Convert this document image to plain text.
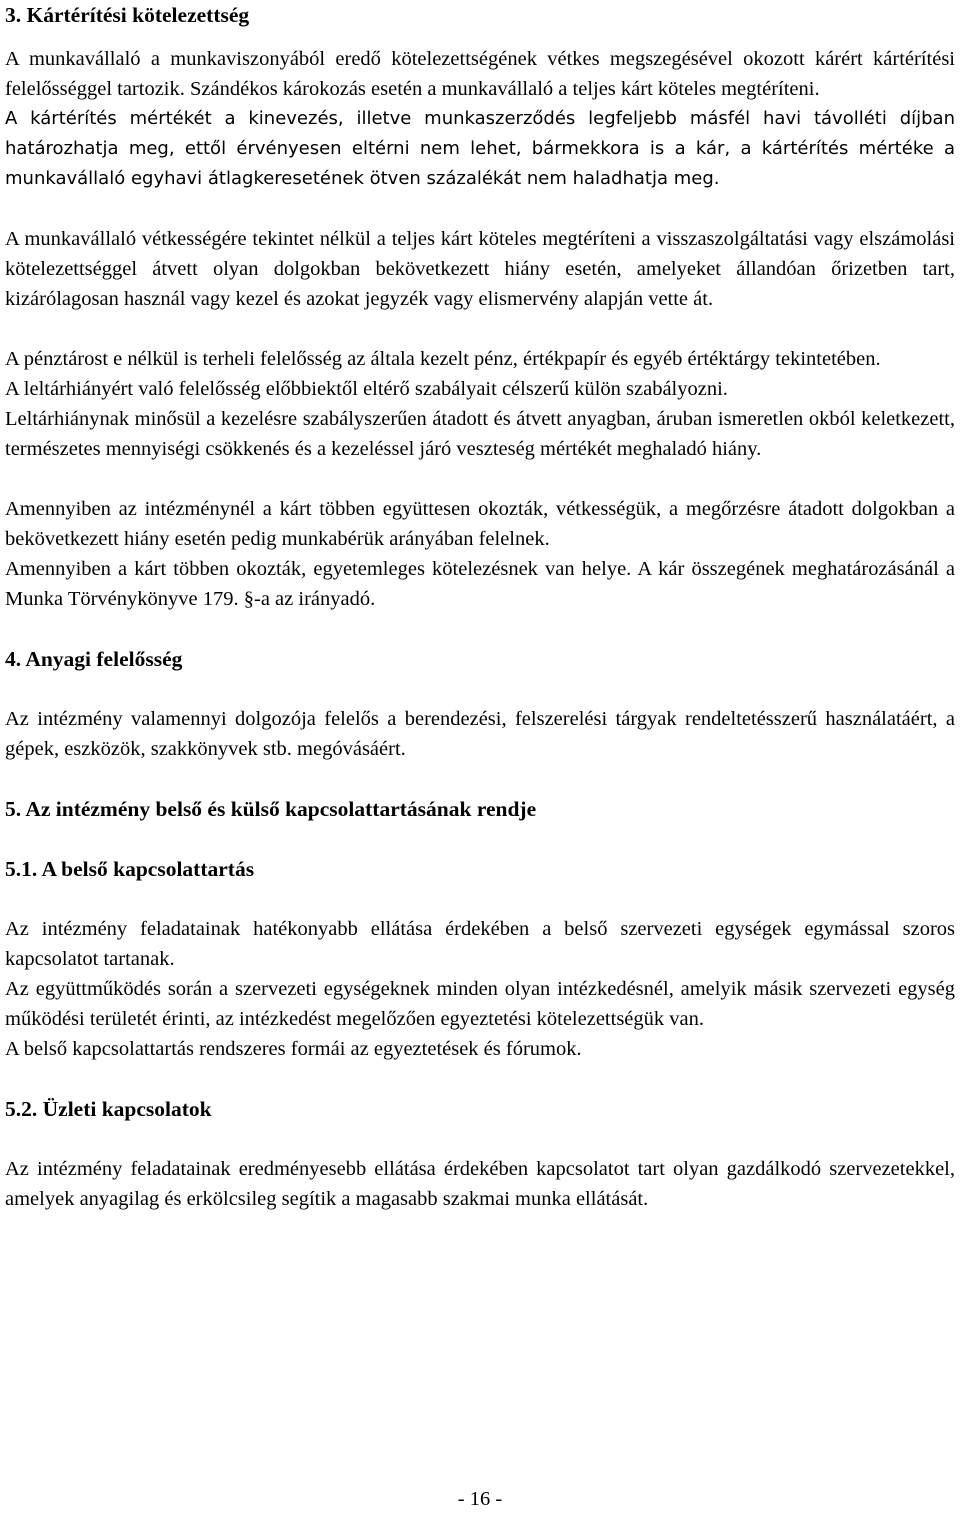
3. Kártérítési kötelezettség

A munkavállaló a munkaviszonyából eredő kötelezettségének vétkes megszegésével okozott kárért kártérítési felelősséggel tartozik. Szándékos károkozás esetén a munkavállaló a teljes kárt köteles megtéríteni.

A kártérítés mértékét a kinevezés, illetve munkaszerződés legfeljebb másfél havi távolléti díjban határozhatja meg, ettől érvényesen eltérni nem lehet, bármekkora is a kár, a kártérítés mértéke a munkavállaló egyhavi átlagkeresetének ötven százalékát nem haladhatja meg.

A munkavállaló vétkességére tekintet nélkül a teljes kárt köteles megtéríteni a visszaszolgáltatási vagy elszámolási kötelezettséggel átvett olyan dolgokban bekövetkezett hiány esetén, amelyeket állandóan őrizetben tart, kizárólagosan használ vagy kezel és azokat jegyzék vagy elismervény alapján vette át.

A pénztárost e nélkül is terheli felelősség az általa kezelt pénz, értékpapír és egyéb értéktárgy tekintetében.

A leltárhiányért való felelősség előbbiektől eltérő szabályait célszerű külön szabályozni.

Leltárhiánynak minősül a kezelésre szabályszerűen átadott és átvett anyagban, áruban ismeretlen okból keletkezett, természetes mennyiségi csökkenés és a kezeléssel járó veszteség mértékét meghaladó hiány.

Amennyiben az intézménynél a kárt többen együttesen okozták, vétkességük, a megőrzésre átadott dolgokban a bekövetkezett hiány esetén pedig munkabérük arányában felelnek.

Amennyiben a kárt többen okozták, egyetemleges kötelezésnek van helye. A kár összegének meghatározásánál a Munka Törvénykönyve 179. §-a az irányadó.

4. Anyagi felelősség

Az intézmény valamennyi dolgozója felelős a berendezési, felszerelési tárgyak rendeltetésszerű használatáért, a gépek, eszközök, szakkönyvek stb. megóvásáért.

5. Az intézmény belső és külső kapcsolattartásának rendje
5.1. A belső kapcsolattartás

Az intézmény feladatainak hatékonyabb ellátása érdekében a belső szervezeti egységek egymással szoros kapcsolatot tartanak.

Az együttműködés során a szervezeti egységeknek minden olyan intézkedésnél, amelyik másik szervezeti egység működési területét érinti, az intézkedést megelőzően egyeztetési kötelezettségük van.

A belső kapcsolattartás rendszeres formái az egyeztetések és fórumok.

5.2. Üzleti kapcsolatok

Az intézmény feladatainak eredményesebb ellátása érdekében kapcsolatot tart olyan gazdálkodó szervezetekkel, amelyek anyagilag és erkölcsileg segítik a magasabb szakmai munka ellátását.

- 16 -
